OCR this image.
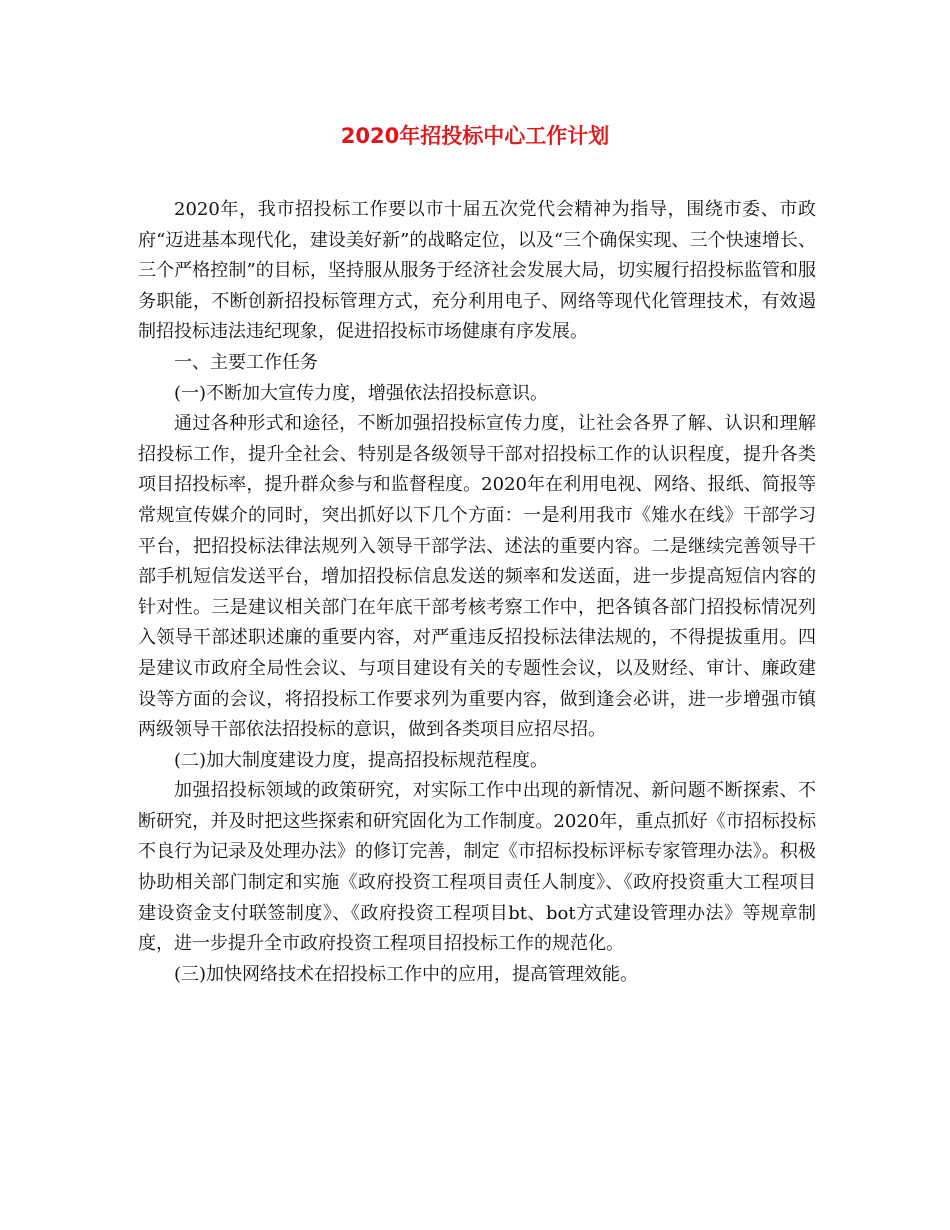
2020年招投标中心工作计划

2020年，我市招投标工作要以市十届五次党代会精神为指导，围绕市委、市政府“迈进基本现代化，建设美好新”的战略定位，以及“三个确保实现、三个快速增长、三个严格控制”的目标，坚持服从服务于经济社会发展大局，切实履行招投标监管和服务职能，不断创新招投标管理方式，充分利用电子、网络等现代化管理技术，有效遏制招投标违法违纪现象，促进招投标市场健康有序发展。

一、主要工作任务

(一)不断加大宣传力度，增强依法招投标意识。

通过各种形式和途径，不断加强招投标宣传力度，让社会各界了解、认识和理解招投标工作，提升全社会、特别是各级领导干部对招投标工作的认识程度，提升各类项目招投标率，提升群众参与和监督程度。2020年在利用电视、网络、报纸、简报等常规宣传媒介的同时，突出抓好以下几个方面：一是利用我市《雉水在线》干部学习平台，把招投标法律法规列入领导干部学法、述法的重要内容。二是继续完善领导干部手机短信发送平台，增加招投标信息发送的频率和发送面，进一步提高短信内容的针对性。三是建议相关部门在年底干部考核考察工作中，把各镇各部门招投标情况列入领导干部述职述廉的重要内容，对严重违反招投标法律法规的，不得提拔重用。四是建议市政府全局性会议、与项目建设有关的专题性会议，以及财经、审计、廉政建设等方面的会议，将招投标工作要求列为重要内容，做到逢会必讲，进一步增强市镇两级领导干部依法招投标的意识，做到各类项目应招尽招。

(二)加大制度建设力度，提高招投标规范程度。

加强招投标领域的政策研究，对实际工作中出现的新情况、新问题不断探索、不断研究，并及时把这些探索和研究固化为工作制度。2020年，重点抓好《市招标投标不良行为记录及处理办法》的修订完善，制定《市招标投标评标专家管理办法》。积极协助相关部门制定和实施《政府投资工程项目责任人制度》、《政府投资重大工程项目建设资金支付联签制度》、《政府投资工程项目bt、bot方式建设管理办法》等规章制度，进一步提升全市政府投资工程项目招投标工作的规范化。

(三)加快网络技术在招投标工作中的应用，提高管理效能。
